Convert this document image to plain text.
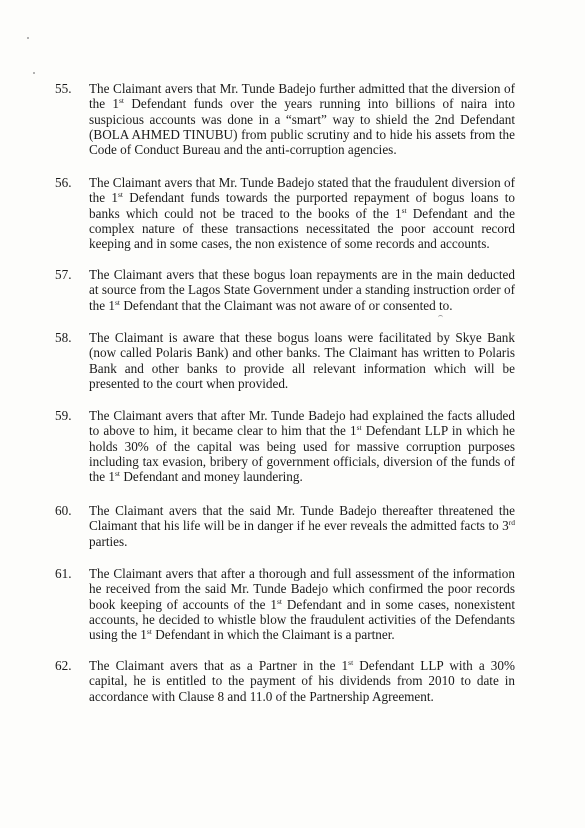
55.	The Claimant avers that Mr. Tunde Badejo further admitted that the diversion of the 1st Defendant funds over the years running into billions of naira into suspicious accounts was done in a “smart” way to shield the 2nd Defendant (BOLA AHMED TINUBU) from public scrutiny and to hide his assets from the Code of Conduct Bureau and the anti-corruption agencies.
56.	The Claimant avers that Mr. Tunde Badejo stated that the fraudulent diversion of the 1st Defendant funds towards the purported repayment of bogus loans to banks which could not be traced to the books of the 1st Defendant and the complex nature of these transactions necessitated the poor account record keeping and in some cases, the non existence of some records and accounts.
57.	The Claimant avers that these bogus loan repayments are in the main deducted at source from the Lagos State Government under a standing instruction order of the 1st Defendant that the Claimant was not aware of or consented to.
58.	The Claimant is aware that these bogus loans were facilitated by Skye Bank (now called Polaris Bank) and other banks. The Claimant has written to Polaris Bank and other banks to provide all relevant information which will be presented to the court when provided.
59.	The Claimant avers that after Mr. Tunde Badejo had explained the facts alluded to above to him, it became clear to him that the 1st Defendant LLP in which he holds 30% of the capital was being used for massive corruption purposes including tax evasion, bribery of government officials, diversion of the funds of the 1st Defendant and money laundering.
60.	The Claimant avers that the said Mr. Tunde Badejo thereafter threatened the Claimant that his life will be in danger if he ever reveals the admitted facts to 3rd parties.
61.	The Claimant avers that after a thorough and full assessment of the information he received from the said Mr. Tunde Badejo which confirmed the poor records book keeping of accounts of the 1st Defendant and in some cases, nonexistent accounts, he decided to whistle blow the fraudulent activities of the Defendants using the 1st Defendant in which the Claimant is a partner.
62.	The Claimant avers that as a Partner in the 1st Defendant LLP with a 30% capital, he is entitled to the payment of his dividends from 2010 to date in accordance with Clause 8 and 11.0 of the Partnership Agreement.
